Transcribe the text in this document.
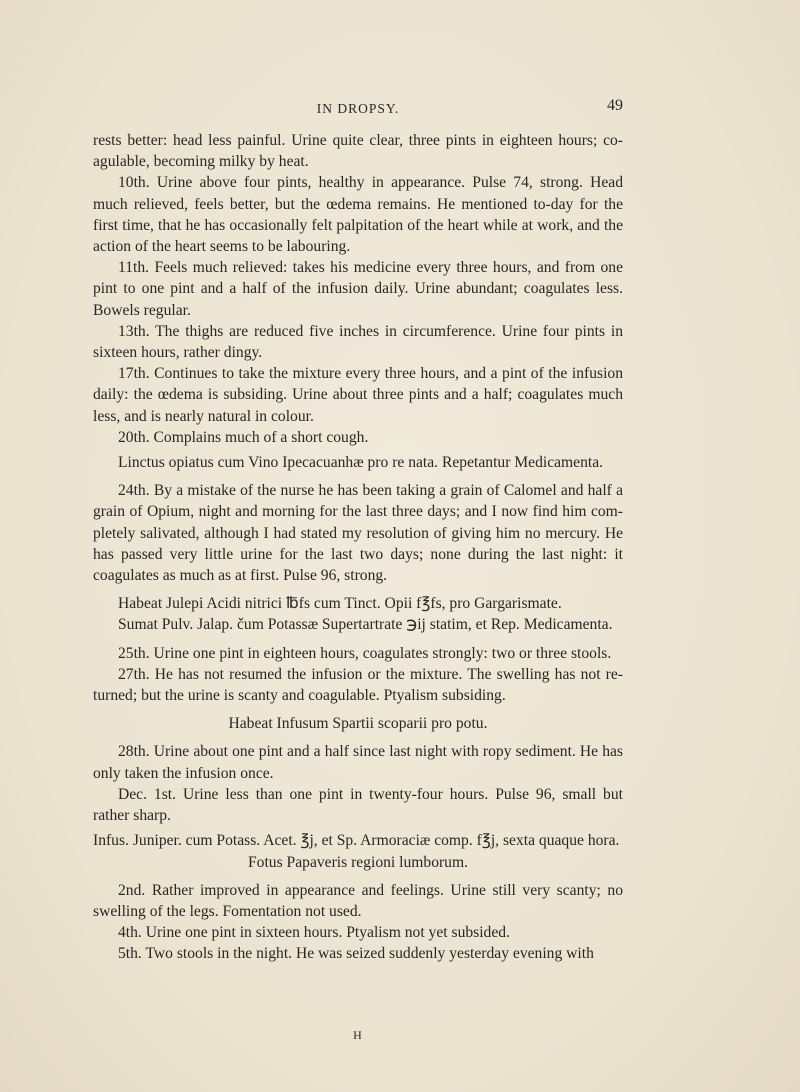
IN DROPSY.	49

rests better: head less painful. Urine quite clear, three pints in eighteen hours; co-agulable, becoming milky by heat.

10th. Urine above four pints, healthy in appearance. Pulse 74, strong. Head much relieved, feels better, but the œdema remains. He mentioned to-day for the first time, that he has occasionally felt palpitation of the heart while at work, and the action of the heart seems to be labouring.

11th. Feels much relieved: takes his medicine every three hours, and from one pint to one pint and a half of the infusion daily. Urine abundant; coagulates less. Bowels regular.

13th. The thighs are reduced five inches in circumference. Urine four pints in sixteen hours, rather dingy.

17th. Continues to take the mixture every three hours, and a pint of the infusion daily: the œdema is subsiding. Urine about three pints and a half; coagulates much less, and is nearly natural in colour.

20th. Complains much of a short cough.

Linctus opiatus cum Vino Ipecacuanhæ pro re nata. Repetantur Medicamenta.

24th. By a mistake of the nurse he has been taking a grain of Calomel and half a grain of Opium, night and morning for the last three days; and I now find him com-pletely salivated, although I had stated my resolution of giving him no mercury. He has passed very little urine for the last two days; none during the last night: it coagulates as much as at first. Pulse 96, strong.

Habeat Julepi Acidi nitrici ℔fs cum Tinct. Opii f℥fs, pro Gargarismate.

Sumat Pulv. Jalap. čum Potassæ Supertartrate ℈ij statim, et Rep. Medicamenta.

25th. Urine one pint in eighteen hours, coagulates strongly: two or three stools.

27th. He has not resumed the infusion or the mixture. The swelling has not re-turned; but the urine is scanty and coagulable. Ptyalism subsiding.

Habeat Infusum Spartii scoparii pro potu.

28th. Urine about one pint and a half since last night with ropy sediment. He has only taken the infusion once.

Dec. 1st. Urine less than one pint in twenty-four hours. Pulse 96, small but rather sharp.

Infus. Juniper. cum Potass. Acet. ℥j, et Sp. Armoraciæ comp. f℥j, sexta quaque hora.

Fotus Papaveris regioni lumborum.

2nd. Rather improved in appearance and feelings. Urine still very scanty; no swelling of the legs. Fomentation not used.

4th. Urine one pint in sixteen hours. Ptyalism not yet subsided.

5th. Two stools in the night. He was seized suddenly yesterday evening with

H
